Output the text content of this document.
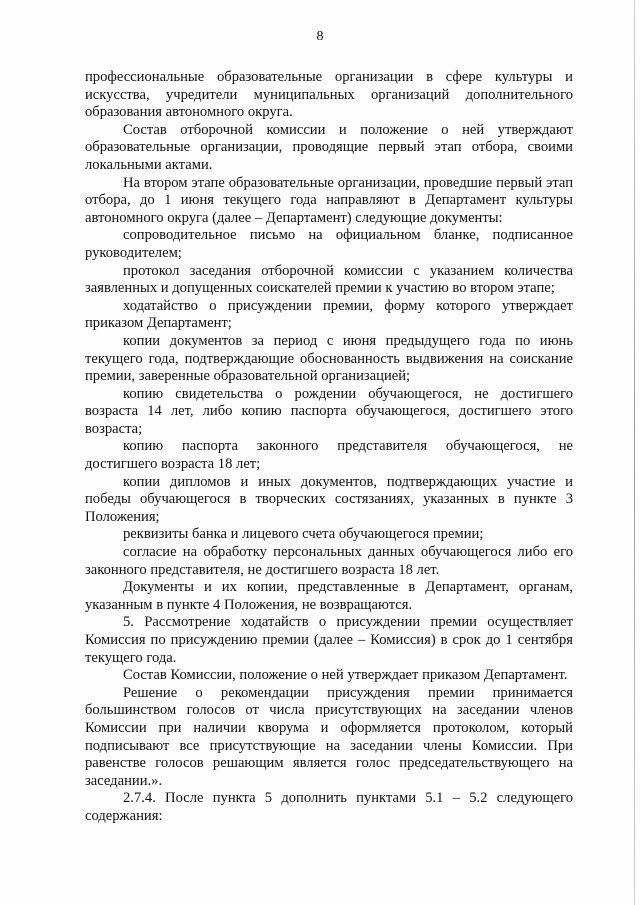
8

профессиональные образовательные организации в сфере культуры и искусства, учредители муниципальных организаций дополнительного образования автономного округа.

Состав отборочной комиссии и положение о ней утверждают образовательные организации, проводящие первый этап отбора, своими локальными актами.

На втором этапе образовательные организации, проведшие первый этап отбора, до 1 июня текущего года направляют в Департамент культуры автономного округа (далее – Департамент) следующие документы:

сопроводительное письмо на официальном бланке, подписанное руководителем;

протокол заседания отборочной комиссии с указанием количества заявленных и допущенных соискателей премии к участию во втором этапе;

ходатайство о присуждении премии, форму которого утверждает приказом Департамент;

копии документов за период с июня предыдущего года по июнь текущего года, подтверждающие обоснованность выдвижения на соискание премии, заверенные образовательной организацией;

копию свидетельства о рождении обучающегося, не достигшего возраста 14 лет, либо копию паспорта обучающегося, достигшего этого возраста;

копию паспорта законного представителя обучающегося, не достигшего возраста 18 лет;

копии дипломов и иных документов, подтверждающих участие и победы обучающегося в творческих состязаниях, указанных в пункте 3 Положения;

реквизиты банка и лицевого счета обучающегося премии;

согласие на обработку персональных данных обучающегося либо его законного представителя, не достигшего возраста 18 лет.

Документы и их копии, представленные в Департамент, органам, указанным в пункте 4 Положения, не возвращаются.

5. Рассмотрение ходатайств о присуждении премии осуществляет Комиссия по присуждению премии (далее – Комиссия) в срок до 1 сентября текущего года.

Состав Комиссии, положение о ней утверждает приказом Департамент.

Решение о рекомендации присуждения премии принимается большинством голосов от числа присутствующих на заседании членов Комиссии при наличии кворума и оформляется протоколом, который подписывают все присутствующие на заседании члены Комиссии. При равенстве голосов решающим является голос председательствующего на заседании.».

2.7.4. После пункта 5 дополнить пунктами 5.1 – 5.2 следующего содержания:
